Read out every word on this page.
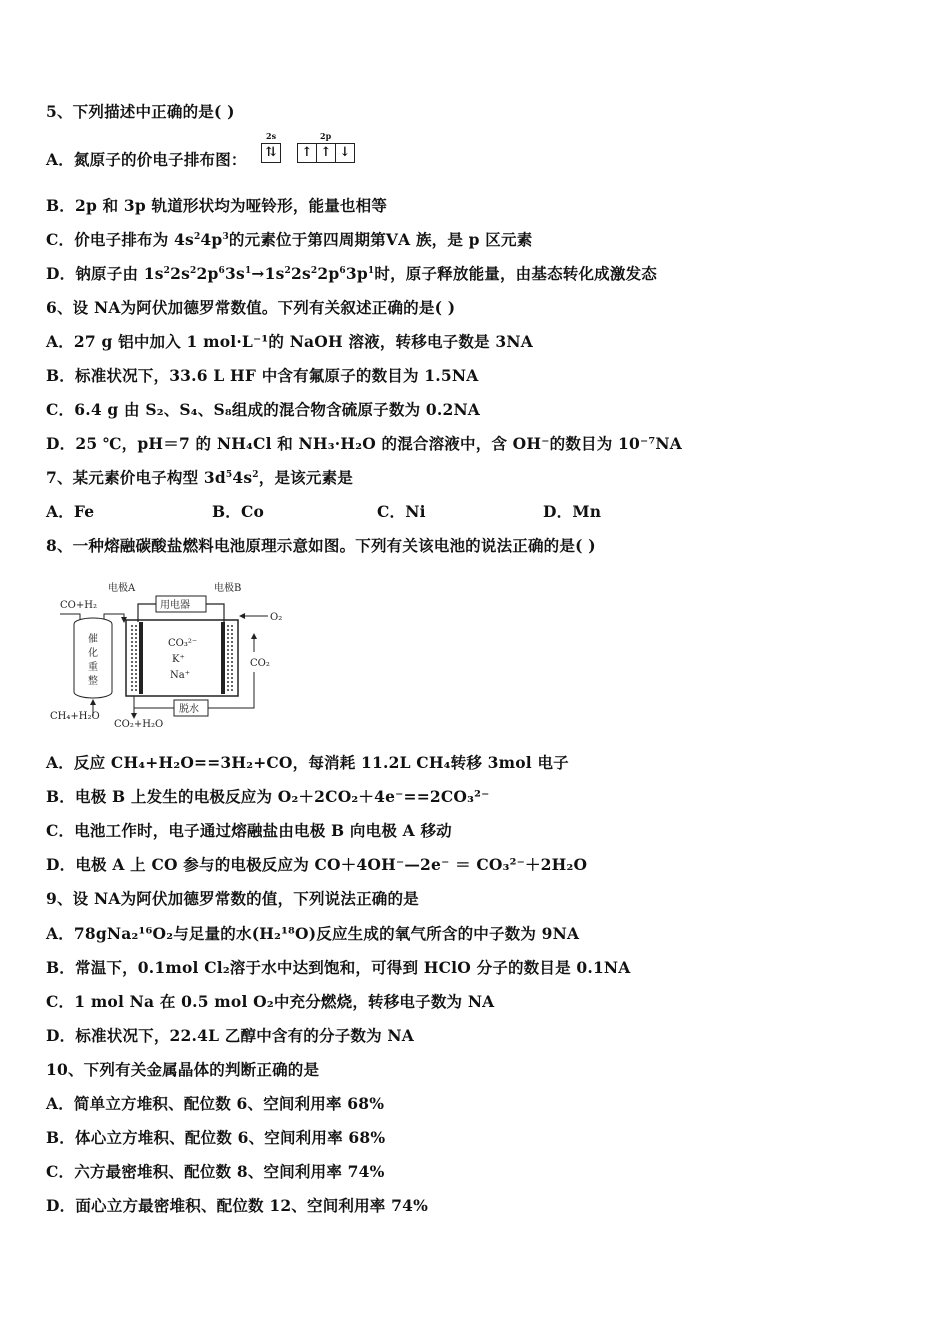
5、下列描述中正确的是( )
A．氮原子的价电子排布图：
2s
⇅
2p
↑ ↑ ↓
B．2p 和 3p 轨道形状均为哑铃形，能量也相等
C．价电子排布为 $4s^24p^3$的元素位于第四周期第ⅤA 族，是 p 区元素
D．钠原子由 $1s^22s^22p^63s^1\to 1s^22s^22p^63p^1$时，原子释放能量，由基态转化成激发态
6、设 NA为阿伏加德罗常数值。下列有关叙述正确的是( )
A．27 g 铝中加入 1 mol·L⁻¹的 NaOH 溶液，转移电子数是 3NA
B．标准状况下，33.6 L HF 中含有氟原子的数目为 1.5NA
C．6.4 g 由 S₂、S₄、S₈组成的混合物含硫原子数为 0.2NA
D．25 ℃，pH＝7 的 NH₄Cl 和 NH₃·H₂O 的混合溶液中，含 OH⁻的数目为 10⁻⁷NA
7、某元素价电子构型 $3d^54s^2$，是该元素是
A．Fe	B．Co	C．Ni	D．Mn
8、一种熔融碳酸盐燃料电池原理示意如图。下列有关该电池的说法正确的是( )
CO+H₂
电极A
用电器
电极B
O₂
催
化
重
整
CH₄+H₂O
CO₃²⁻
K⁺
Na⁺
CO₂
脱水
CO₂+H₂O
A．反应 CH₄+H₂O==3H₂+CO，每消耗 11.2L CH₄转移 3mol 电子
B．电极 B 上发生的电极反应为 O₂＋2CO₂＋4e⁻==2CO₃²⁻
C．电池工作时，电子通过熔融盐由电极 B 向电极 A 移动
D．电极 A 上 CO 参与的电极反应为 CO＋4OH⁻—2e⁻ ＝ CO₃²⁻＋2H₂O
9、设 NA为阿伏加德罗常数的值，下列说法正确的是
A．78gNa₂¹⁶O₂与足量的水(H₂¹⁸O)反应生成的氧气所含的中子数为 9NA
B．常温下，0.1mol Cl₂溶于水中达到饱和，可得到 HClO 分子的数目是 0.1NA
C．1 mol Na 在 0.5 mol O₂中充分燃烧，转移电子数为 NA
D．标准状况下，22.4L 乙醇中含有的分子数为 NA
10、下列有关金属晶体的判断正确的是
A．简单立方堆积、配位数 6、空间利用率 68%
B．体心立方堆积、配位数 6、空间利用率 68%
C．六方最密堆积、配位数 8、空间利用率 74%
D．面心立方最密堆积、配位数 12、空间利用率 74%
